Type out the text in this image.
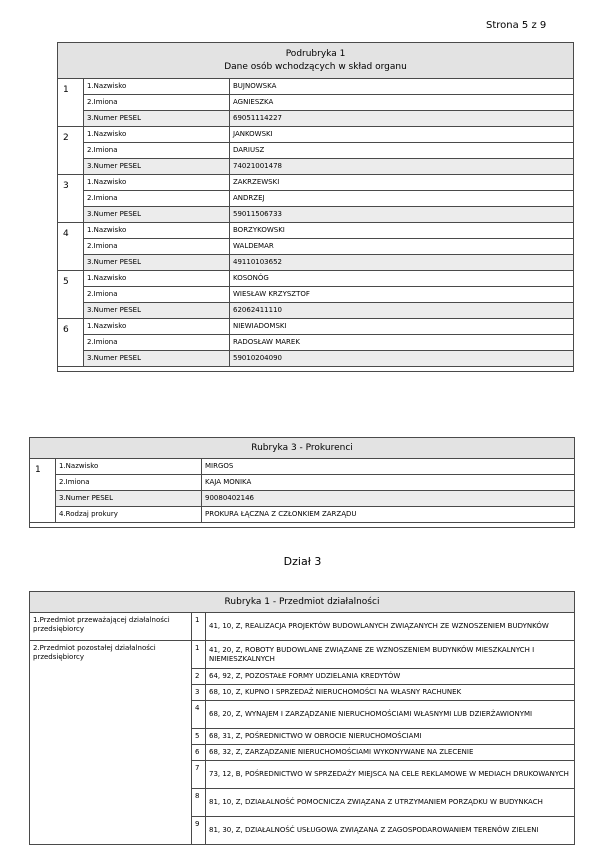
Strona 5 z 9
Podrubryka 1
Dane osób wchodzących w skład organu		

1	1.Nazwisko	BUJNOWSKA
	2.Imiona	AGNIESZKA
	3.Numer PESEL	69051114227
2	1.Nazwisko	JANKOWSKI
	2.Imiona	DARIUSZ
	3.Numer PESEL	74021001478
3	1.Nazwisko	ZAKRZEWSKI
	2.Imiona	ANDRZEJ
	3.Numer PESEL	59011506733
4	1.Nazwisko	BORZYKOWSKI
	2.Imiona	WALDEMAR
	3.Numer PESEL	49110103652
5	1.Nazwisko	KOSONÓG
	2.Imiona	WIESŁAW KRZYSZTOF
	3.Numer PESEL	62062411110
6	1.Nazwisko	NIEWIADOMSKI
	2.Imiona	RADOSŁAW MAREK
	3.Numer PESEL	59010204090

Rubryka 3 - Prokurenci		
1	1.Nazwisko	MIRGOS
	2.Imiona	KAJA MONIKA
	3.Numer PESEL	90080402146
	4.Rodzaj prokury	PROKURA ŁĄCZNA Z CZŁONKIEM ZARZĄDU

Dział 3
Rubryka 1 - Przedmiot działalności		
1.Przedmiot przeważającej działalności przedsiębiorcy	1	41, 10, Z, REALIZACJA PROJEKTÓW BUDOWLANYCH ZWIĄZANYCH ZE WZNOSZENIEM BUDYNKÓW
2.Przedmiot pozostałej działalności przedsiębiorcy	1	41, 20, Z, ROBOTY BUDOWLANE ZWIĄZANE ZE WZNOSZENIEM BUDYNKÓW MIESZKALNYCH I NIEMIESZKALNYCH
	2	64, 92, Z, POZOSTAŁE FORMY UDZIELANIA KREDYTÓW
	3	68, 10, Z, KUPNO I SPRZEDAŻ NIERUCHOMOŚCI NA WŁASNY RACHUNEK
	4	68, 20, Z, WYNAJEM I ZARZĄDZANIE NIERUCHOMOŚCIAMI WŁASNYMI LUB DZIERŻAWIONYMI
	5	68, 31, Z, POŚREDNICTWO W OBROCIE NIERUCHOMOŚCIAMI
	6	68, 32, Z, ZARZĄDZANIE NIERUCHOMOŚCIAMI WYKONYWANE NA ZLECENIE
	7	73, 12, B, POŚREDNICTWO W SPRZEDAŻY MIEJSCA NA CELE REKLAMOWE W MEDIACH DRUKOWANYCH
	8	81, 10, Z, DZIAŁALNOŚĆ POMOCNICZA ZWIĄZANA Z UTRZYMANIEM PORZĄDKU W BUDYNKACH
	9	81, 30, Z, DZIAŁALNOŚĆ USŁUGOWA ZWIĄZANA Z ZAGOSPODAROWANIEM TERENÓW ZIELENI
